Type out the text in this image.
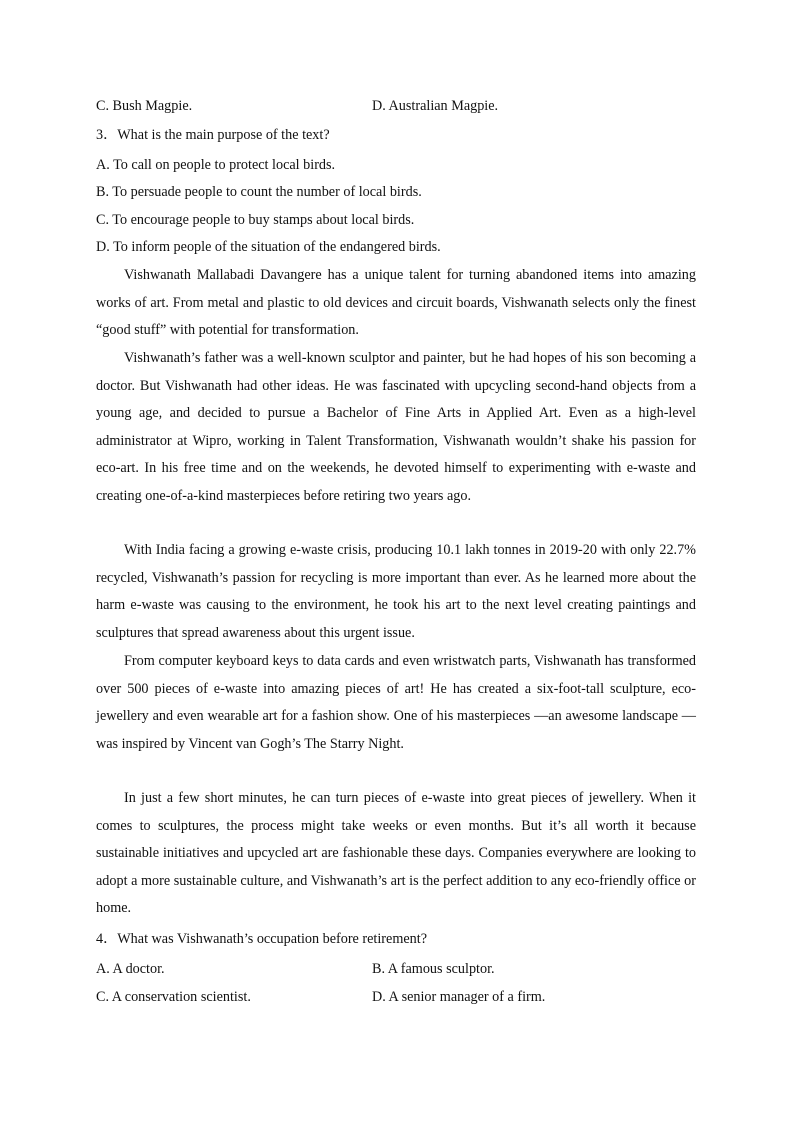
C. Bush Magpie.	D. Australian Magpie.
3．What is the main purpose of the text?
A. To call on people to protect local birds.
B. To persuade people to count the number of local birds.
C. To encourage people to buy stamps about local birds.
D. To inform people of the situation of the endangered birds.
Vishwanath Mallabadi Davangere has a unique talent for turning abandoned items into amazing works of art. From metal and plastic to old devices and circuit boards, Vishwanath selects only the finest “good stuff” with potential for transformation.
Vishwanath’s father was a well-known sculptor and painter, but he had hopes of his son becoming a doctor. But Vishwanath had other ideas. He was fascinated with upcycling second-hand objects from a young age, and decided to pursue a Bachelor of Fine Arts in Applied Art. Even as a high-level administrator at Wipro, working in Talent Transformation, Vishwanath wouldn’t shake his passion for eco-art. In his free time and on the weekends, he devoted himself to experimenting with e-waste and creating one-of-a-kind masterpieces before retiring two years ago.
With India facing a growing e-waste crisis, producing 10.1 lakh tonnes in 2019-20 with only 22.7% recycled, Vishwanath’s passion for recycling is more important than ever. As he learned more about the harm e-waste was causing to the environment, he took his art to the next level creating paintings and sculptures that spread awareness about this urgent issue.
From computer keyboard keys to data cards and even wristwatch parts, Vishwanath has transformed over 500 pieces of e-waste into amazing pieces of art! He has created a six-foot-tall sculpture, eco-jewellery and even wearable art for a fashion show. One of his masterpieces —an awesome landscape —was inspired by Vincent van Gogh’s The Starry Night.
In just a few short minutes, he can turn pieces of e-waste into great pieces of jewellery. When it comes to sculptures, the process might take weeks or even months. But it’s all worth it because sustainable initiatives and upcycled art are fashionable these days. Companies everywhere are looking to adopt a more sustainable culture, and Vishwanath’s art is the perfect addition to any eco-friendly office or home.
4．What was Vishwanath’s occupation before retirement?
A. A doctor.	B. A famous sculptor.
C. A conservation scientist.	D. A senior manager of a firm.
